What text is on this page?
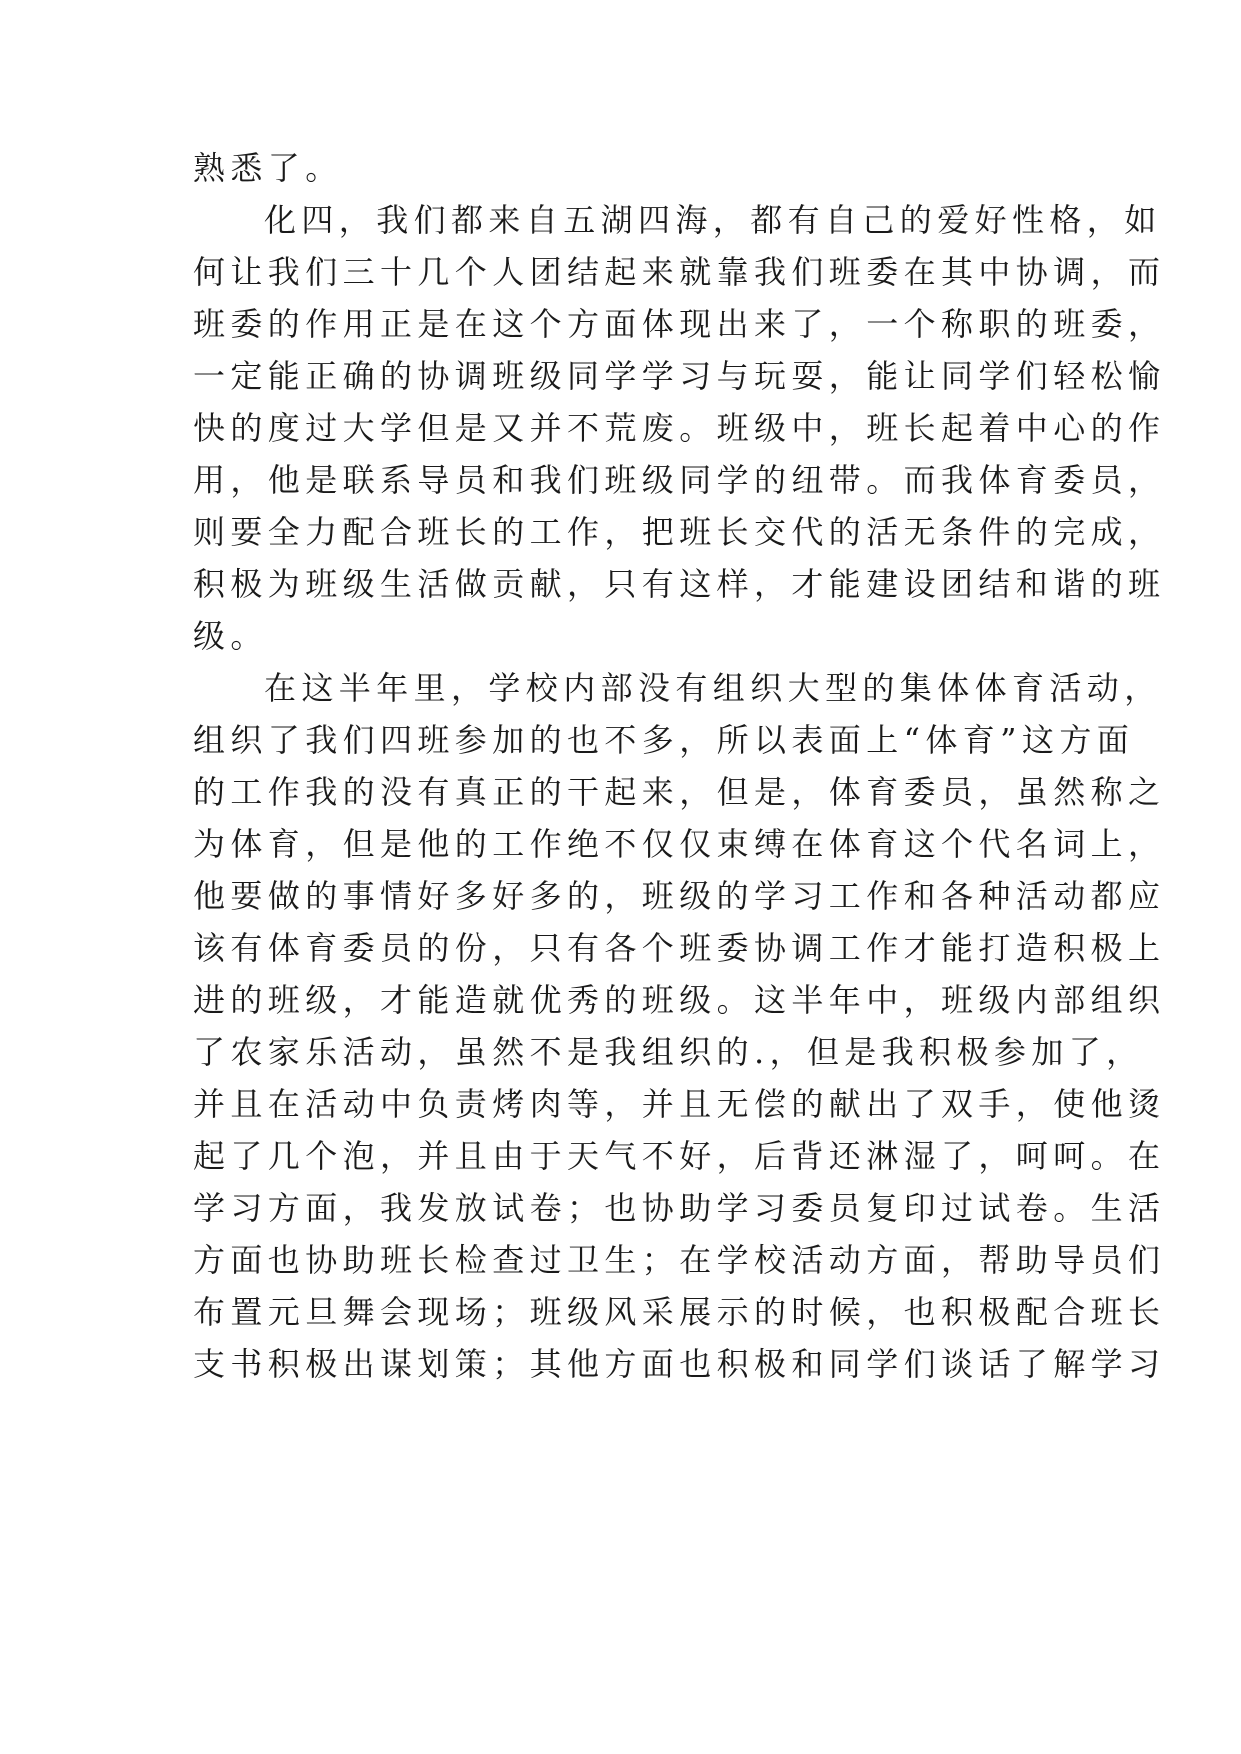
熟悉了。
化四，我们都来自五湖四海，都有自己的爱好性格，如
何让我们三十几个人团结起来就靠我们班委在其中协调，而
班委的作用正是在这个方面体现出来了，一个称职的班委，
一定能正确的协调班级同学学习与玩耍，能让同学们轻松愉
快的度过大学但是又并不荒废。班级中，班长起着中心的作
用，他是联系导员和我们班级同学的纽带。而我体育委员，
则要全力配合班长的工作，把班长交代的活无条件的完成，
积极为班级生活做贡献，只有这样，才能建设团结和谐的班
级。
在这半年里，学校内部没有组织大型的集体体育活动，
组织了我们四班参加的也不多，所以表面上“体育”这方面
的工作我的没有真正的干起来，但是，体育委员，虽然称之
为体育，但是他的工作绝不仅仅束缚在体育这个代名词上，
他要做的事情好多好多的，班级的学习工作和各种活动都应
该有体育委员的份，只有各个班委协调工作才能打造积极上
进的班级，才能造就优秀的班级。这半年中，班级内部组织
了农家乐活动，虽然不是我组织的.，但是我积极参加了，
并且在活动中负责烤肉等，并且无偿的献出了双手，使他烫
起了几个泡，并且由于天气不好，后背还淋湿了，呵呵。在
学习方面，我发放试卷；也协助学习委员复印过试卷。生活
方面也协助班长检查过卫生；在学校活动方面，帮助导员们
布置元旦舞会现场；班级风采展示的时候，也积极配合班长
支书积极出谋划策；其他方面也积极和同学们谈话了解学习
